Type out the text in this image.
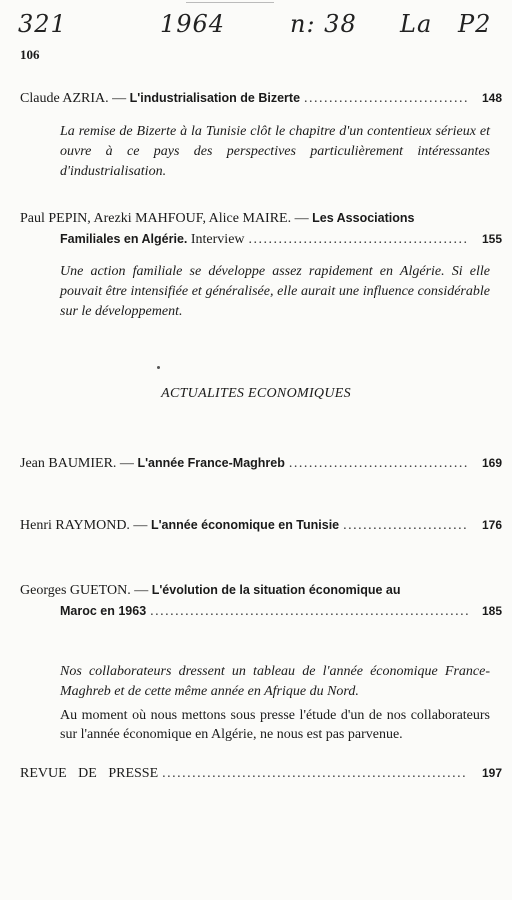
321	1964	n: 38 La P2
106
Claude AZRIA. —
L'industrialisation de Bizerte . . .	148
La remise de Bizerte à la Tunisie clôt le chapitre d'un contentieux sérieux et ouvre à ce pays des perspectives particulièrement intéressantes d'industrialisation.
Paul PEPIN, Arezki MAHFOUF, Alice MAIRE. —
Les Associations
Familiales en Algérie.
Interview . . .	155
Une action familiale se développe assez rapidement en Algérie. Si elle pouvait être intensifiée et généralisée, elle aurait une influence considérable sur le développement.
ACTUALITES ECONOMIQUES
Jean BAUMIER. —
L'année France-Maghreb . . .	169
Henri RAYMOND. —
L'année économique en Tunisie . . .	176
Georges GUETON. —
L'évolution de la situation économique au
Maroc en 1963 . . .	185
Nos collaborateurs dressent un tableau de l'année économique France-Maghreb et de cette même année en Afrique du Nord.
Au moment où nous mettons sous presse l'étude d'un de nos collaborateurs sur l'année économique en Algérie, ne nous est pas parvenue.
REVUE DE PRESSE . . .	197
